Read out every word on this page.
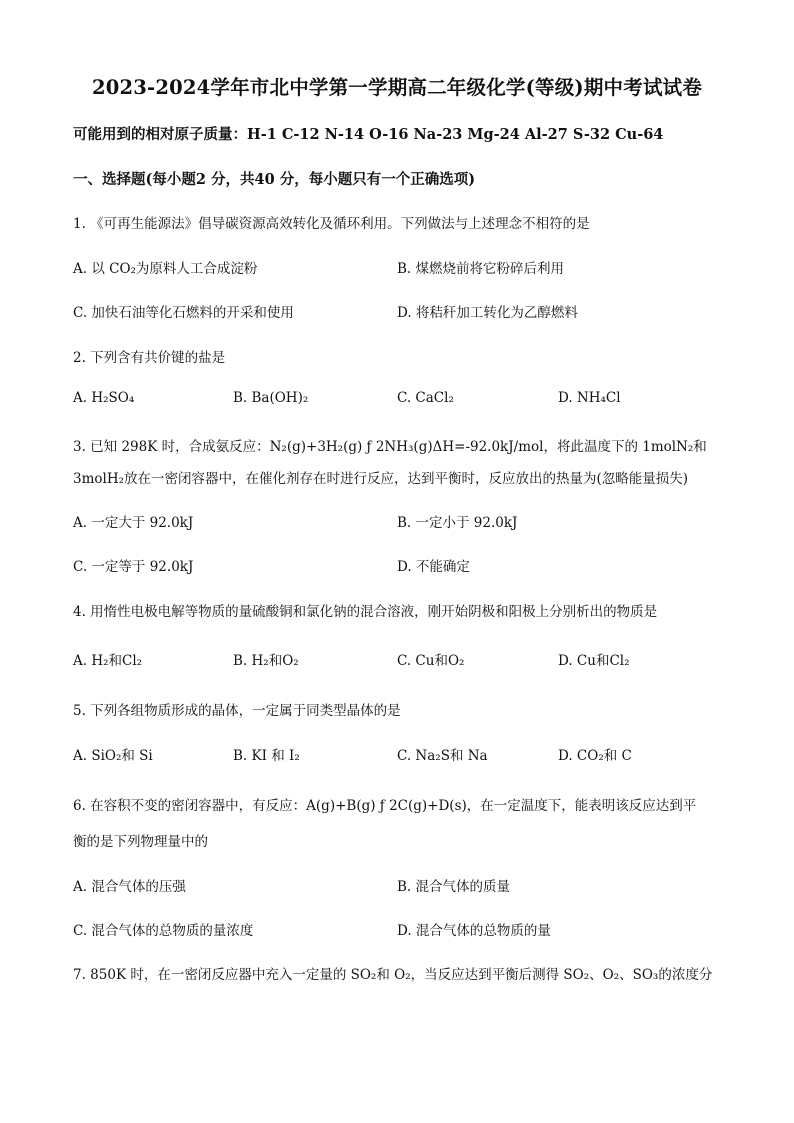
2023-2024学年市北中学第一学期高二年级化学(等级)期中考试试卷
可能用到的相对原子质量：H-1 C-12 N-14 O-16 Na-23 Mg-24 Al-27 S-32 Cu-64
一、选择题(每小题2 分，共40 分，每小题只有一个正确选项)
1. 《可再生能源法》倡导碳资源高效转化及循环利用。下列做法与上述理念不相符的是
A. 以 CO₂为原料人工合成淀粉	B. 煤燃烧前将它粉碎后利用
C. 加快石油等化石燃料的开采和使用	D. 将秸秆加工转化为乙醇燃料
2. 下列含有共价键的盐是
A. H₂SO₄	B. Ba(OH)₂	C. CaCl₂	D. NH₄Cl
3. 已知 298K 时，合成氨反应：N₂(g)+3H₂(g) ƒ 2NH₃(g)ΔH=-92.0kJ/mol，将此温度下的 1molN₂和
3molH₂放在一密闭容器中，在催化剂存在时进行反应，达到平衡时，反应放出的热量为(忽略能量损失)
A. 一定大于 92.0kJ	B. 一定小于 92.0kJ
C. 一定等于 92.0kJ	D. 不能确定
4. 用惰性电极电解等物质的量硫酸铜和氯化钠的混合溶液，刚开始阴极和阳极上分别析出的物质是
A. H₂和Cl₂	B. H₂和O₂	C. Cu和O₂	D. Cu和Cl₂
5. 下列各组物质形成的晶体，一定属于同类型晶体的是
A. SiO₂和 Si	B. KI 和 I₂	C. Na₂S和 Na	D. CO₂和 C
6. 在容积不变的密闭容器中，有反应：A(g)+B(g) ƒ 2C(g)+D(s)，在一定温度下，能表明该反应达到平
衡的是下列物理量中的
A. 混合气体的压强	B. 混合气体的质量
C. 混合气体的总物质的量浓度	D. 混合气体的总物质的量
7. 850K 时，在一密闭反应器中充入一定量的 SO₂和 O₂，当反应达到平衡后测得 SO₂、O₂、SO₃的浓度分
